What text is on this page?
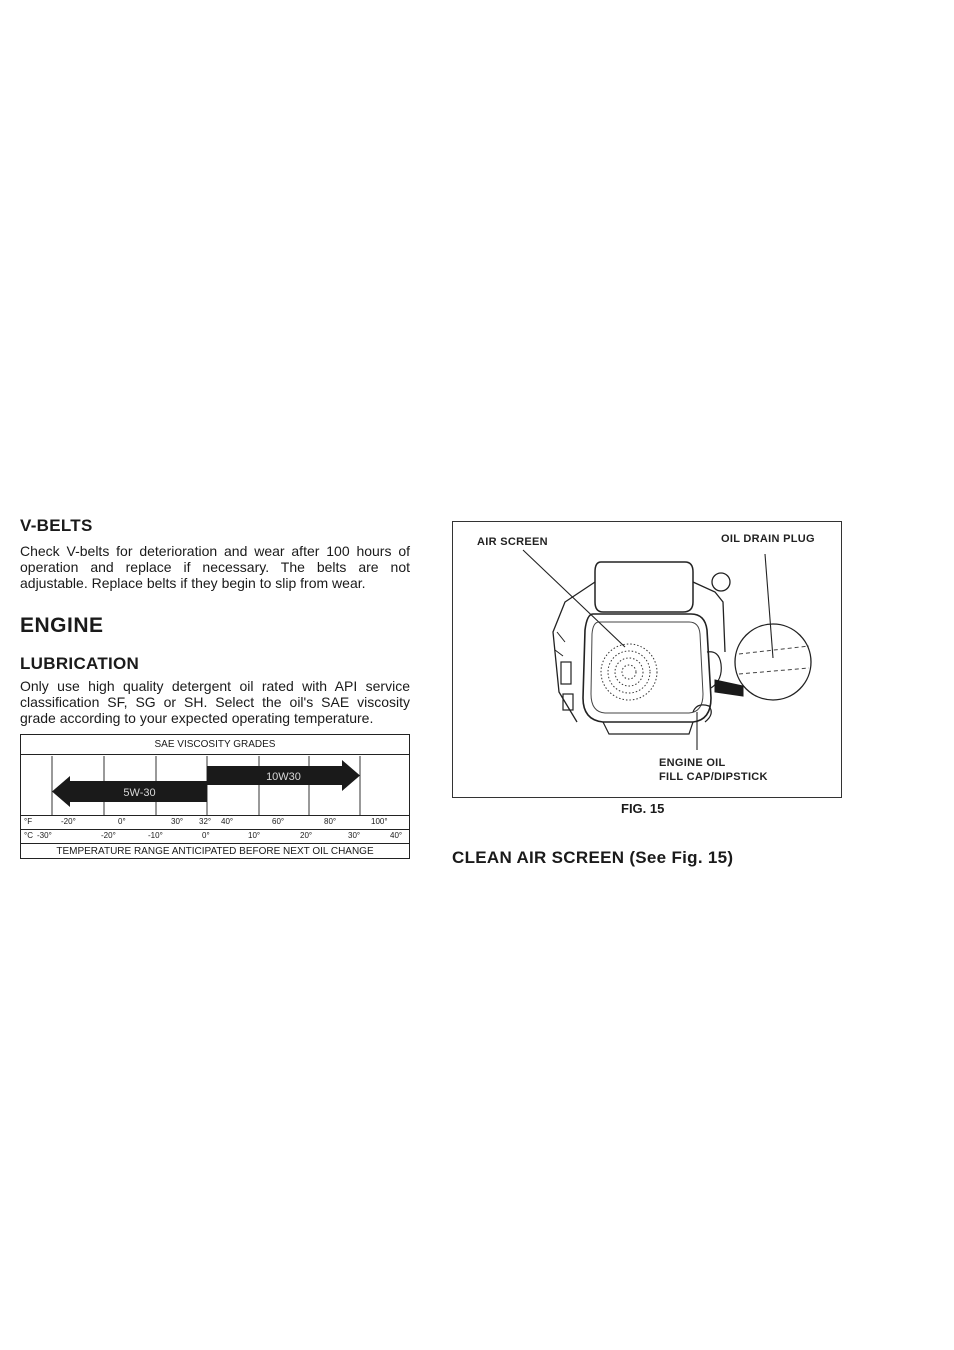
V-BELTS

Check V-belts for deterioration and wear after 100 hours of operation and replace if necessary. The belts are not adjustable. Replace belts if they begin to slip from wear.

ENGINE
LUBRICATION

Only use high quality detergent oil rated with API service classification SF, SG or SH. Select the oil's SAE viscosity grade according to your expected operating temperature.

SAE VISCOSITY GRADES
5W-30
10W30
°F	-20°	0°	30° 32° 40°	60°	80°	100°
°C -30°	-20°	-10°	0°	10°	20°	30°	40°
TEMPERATURE RANGE ANTICIPATED BEFORE NEXT OIL CHANGE
AIR SCREEN	OIL DRAIN PLUG
ENGINE OIL
FILL CAP/DIPSTICK
FIG. 15
CLEAN AIR SCREEN (See Fig. 15)
